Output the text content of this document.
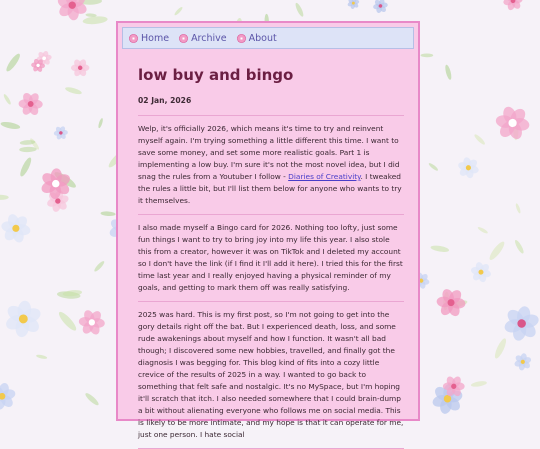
Home Archive About
low buy and bingo
02 Jan, 2026

Welp, it's officially 2026, which means it's time to try and reinvent myself again. I'm trying something a little different this time. I want to save some money, and set some more realistic goals. Part 1 is implementing a low buy. I'm sure it's not the most novel idea, but I did snag the rules from a Youtuber I follow - Diaries of Creativity. I tweaked the rules a little bit, but I'll list them below for anyone who wants to try it themselves.

I also made myself a Bingo card for 2026. Nothing too lofty, just some fun things I want to try to bring joy into my life this year. I also stole this from a creator, however it was on TikTok and I deleted my account so I don't have the link (if I find it I'll add it here). I tried this for the first time last year and I really enjoyed having a physical reminder of my goals, and getting to mark them off was really satisfying.

2025 was hard. This is my first post, so I'm not going to get into the gory details right off the bat. But I experienced death, loss, and some rude awakenings about myself and how I function. It wasn't all bad though; I discovered some new hobbies, travelled, and finally got the diagnosis I was begging for. This blog kind of fits into a cozy little crevice of the results of 2025 in a way. I wanted to go back to something that felt safe and nostalgic. It's no MySpace, but I'm hoping it'll scratch that itch. I also needed somewhere that I could brain-dump a bit without alienating everyone who follows me on social media. This is likely to be more intimate, and my hope is that it can operate for me, just one person. I hate social
